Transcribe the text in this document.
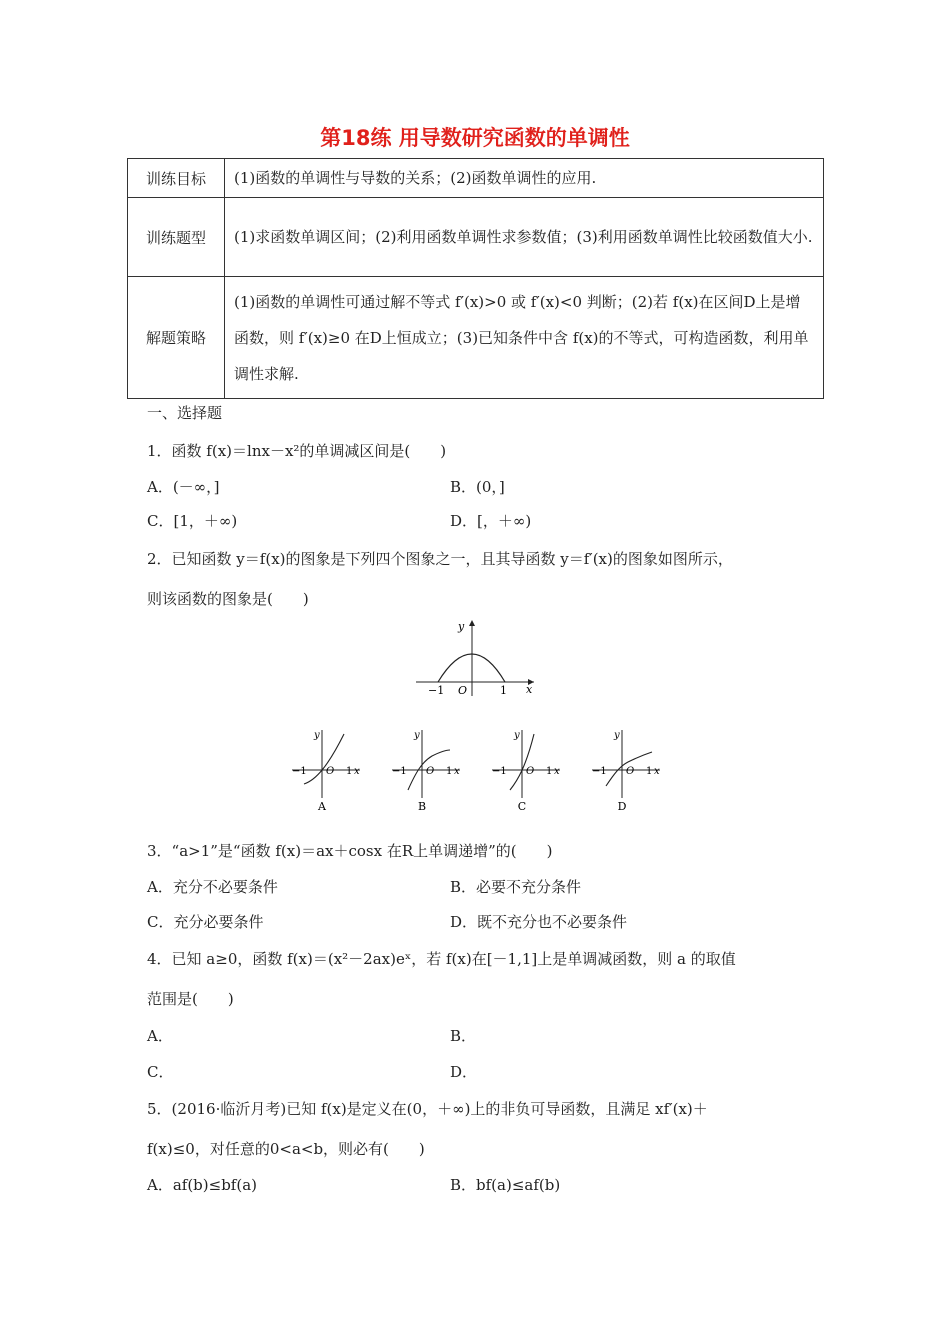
第18练 用导数研究函数的单调性
训练目标	(1)函数的单调性与导数的关系；(2)函数单调性的应用.
训练题型	(1)求函数单调区间；(2)利用函数单调性求参数值；(3)利用函数单调性比较函数值大小.
解题策略	(1)函数的单调性可通过解不等式 f′(x)>0 或 f′(x)<0 判断；(2)若 f(x)在区间D上是增函数，则 f′(x)≥0 在D上恒成立；(3)已知条件中含 f(x)的不等式，可构造函数，利用单调性求解.
一、选择题
1．函数 f(x)＝lnx－x²的单调减区间是(　　)
A．(－∞，]	B．(0，]
C．[1，＋∞)	D．[，＋∞)
2．已知函数 y＝f(x)的图象是下列四个图象之一，且其导函数 y＝f′(x)的图象如图所示，
则该函数的图象是(　　)
y
x
−1 O	1
y
x
−1 O 1
A
y
x
−1 O 1
B
y
x
−1 O 1
C
y
x
−1 O 1
D
3．“a>1”是“函数 f(x)＝ax＋cosx 在R上单调递增”的(　　)
A．充分不必要条件	B．必要不充分条件
C．充分必要条件	D．既不充分也不必要条件
4．已知 a≥0，函数 f(x)＝(x²－2ax)eˣ，若 f(x)在[－1,1]上是单调减函数，则 a 的取值
范围是(　　)
A．	B．
C．	D．
5．(2016·临沂月考)已知 f(x)是定义在(0，＋∞)上的非负可导函数，且满足 xf′(x)＋
f(x)≤0，对任意的0<a<b，则必有(　　)
A．af(b)≤bf(a)	B．bf(a)≤af(b)
